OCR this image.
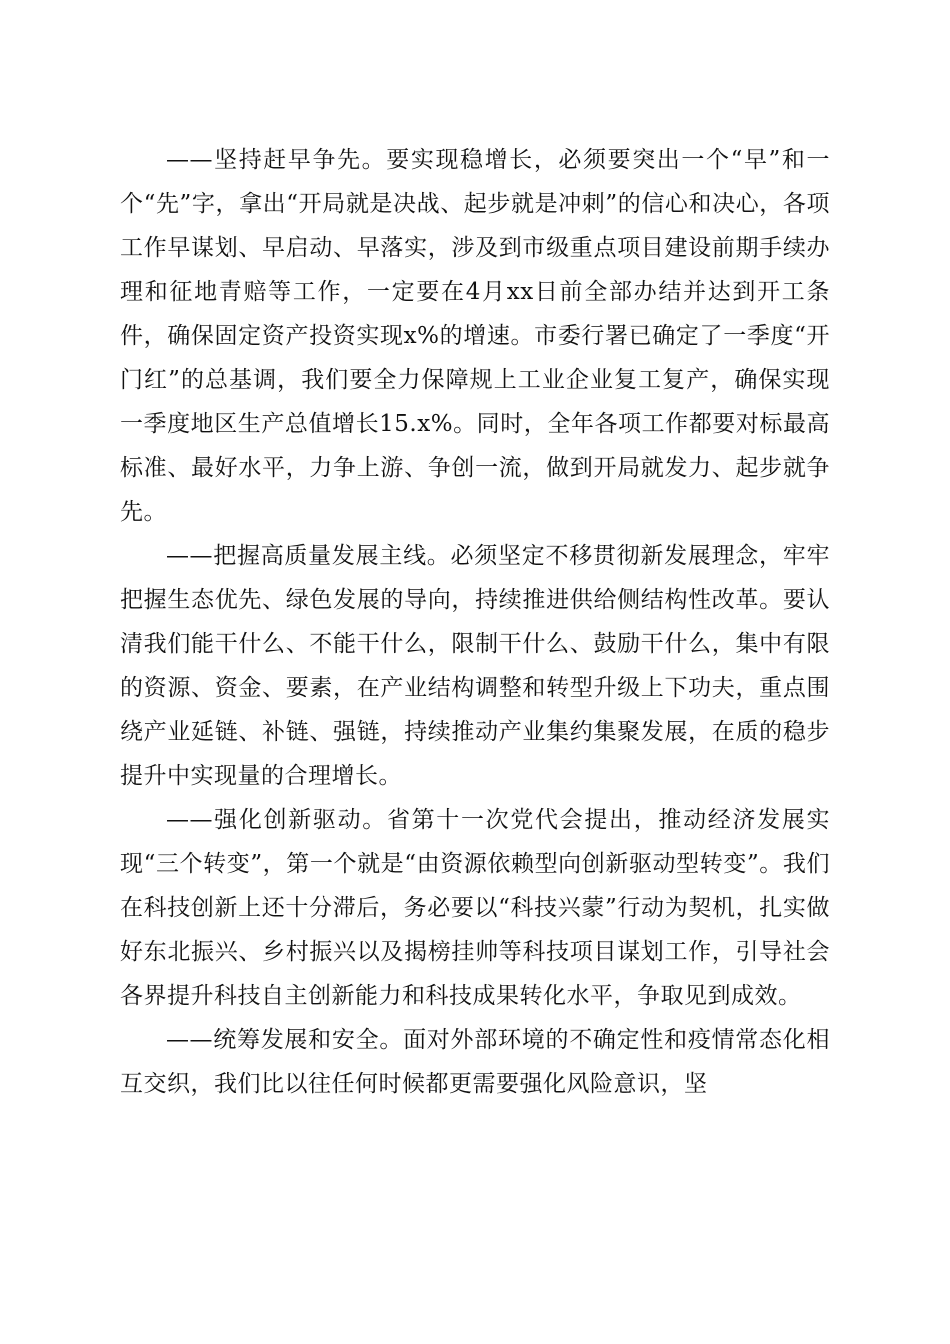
——坚持赶早争先。要实现稳增长，必须要突出一个“早”和一个“先”字，拿出“开局就是决战、起步就是冲刺”的信心和决心，各项工作早谋划、早启动、早落实，涉及到市级重点项目建设前期手续办理和征地青赔等工作，一定要在4月xx日前全部办结并达到开工条件，确保固定资产投资实现x%的增速。市委行署已确定了一季度“开门红”的总基调，我们要全力保障规上工业企业复工复产，确保实现一季度地区生产总值增长15.x%。同时，全年各项工作都要对标最高标准、最好水平，力争上游、争创一流，做到开局就发力、起步就争先。

——把握高质量发展主线。必须坚定不移贯彻新发展理念，牢牢把握生态优先、绿色发展的导向，持续推进供给侧结构性改革。要认清我们能干什么、不能干什么，限制干什么、鼓励干什么，集中有限的资源、资金、要素，在产业结构调整和转型升级上下功夫，重点围绕产业延链、补链、强链，持续推动产业集约集聚发展，在质的稳步提升中实现量的合理增长。

——强化创新驱动。省第十一次党代会提出，推动经济发展实现“三个转变”，第一个就是“由资源依赖型向创新驱动型转变”。我们在科技创新上还十分滞后，务必要以“科技兴蒙”行动为契机，扎实做好东北振兴、乡村振兴以及揭榜挂帅等科技项目谋划工作，引导社会各界提升科技自主创新能力和科技成果转化水平，争取见到成效。

——统筹发展和安全。面对外部环境的不确定性和疫情常态化相互交织，我们比以往任何时候都更需要强化风险意识，坚
